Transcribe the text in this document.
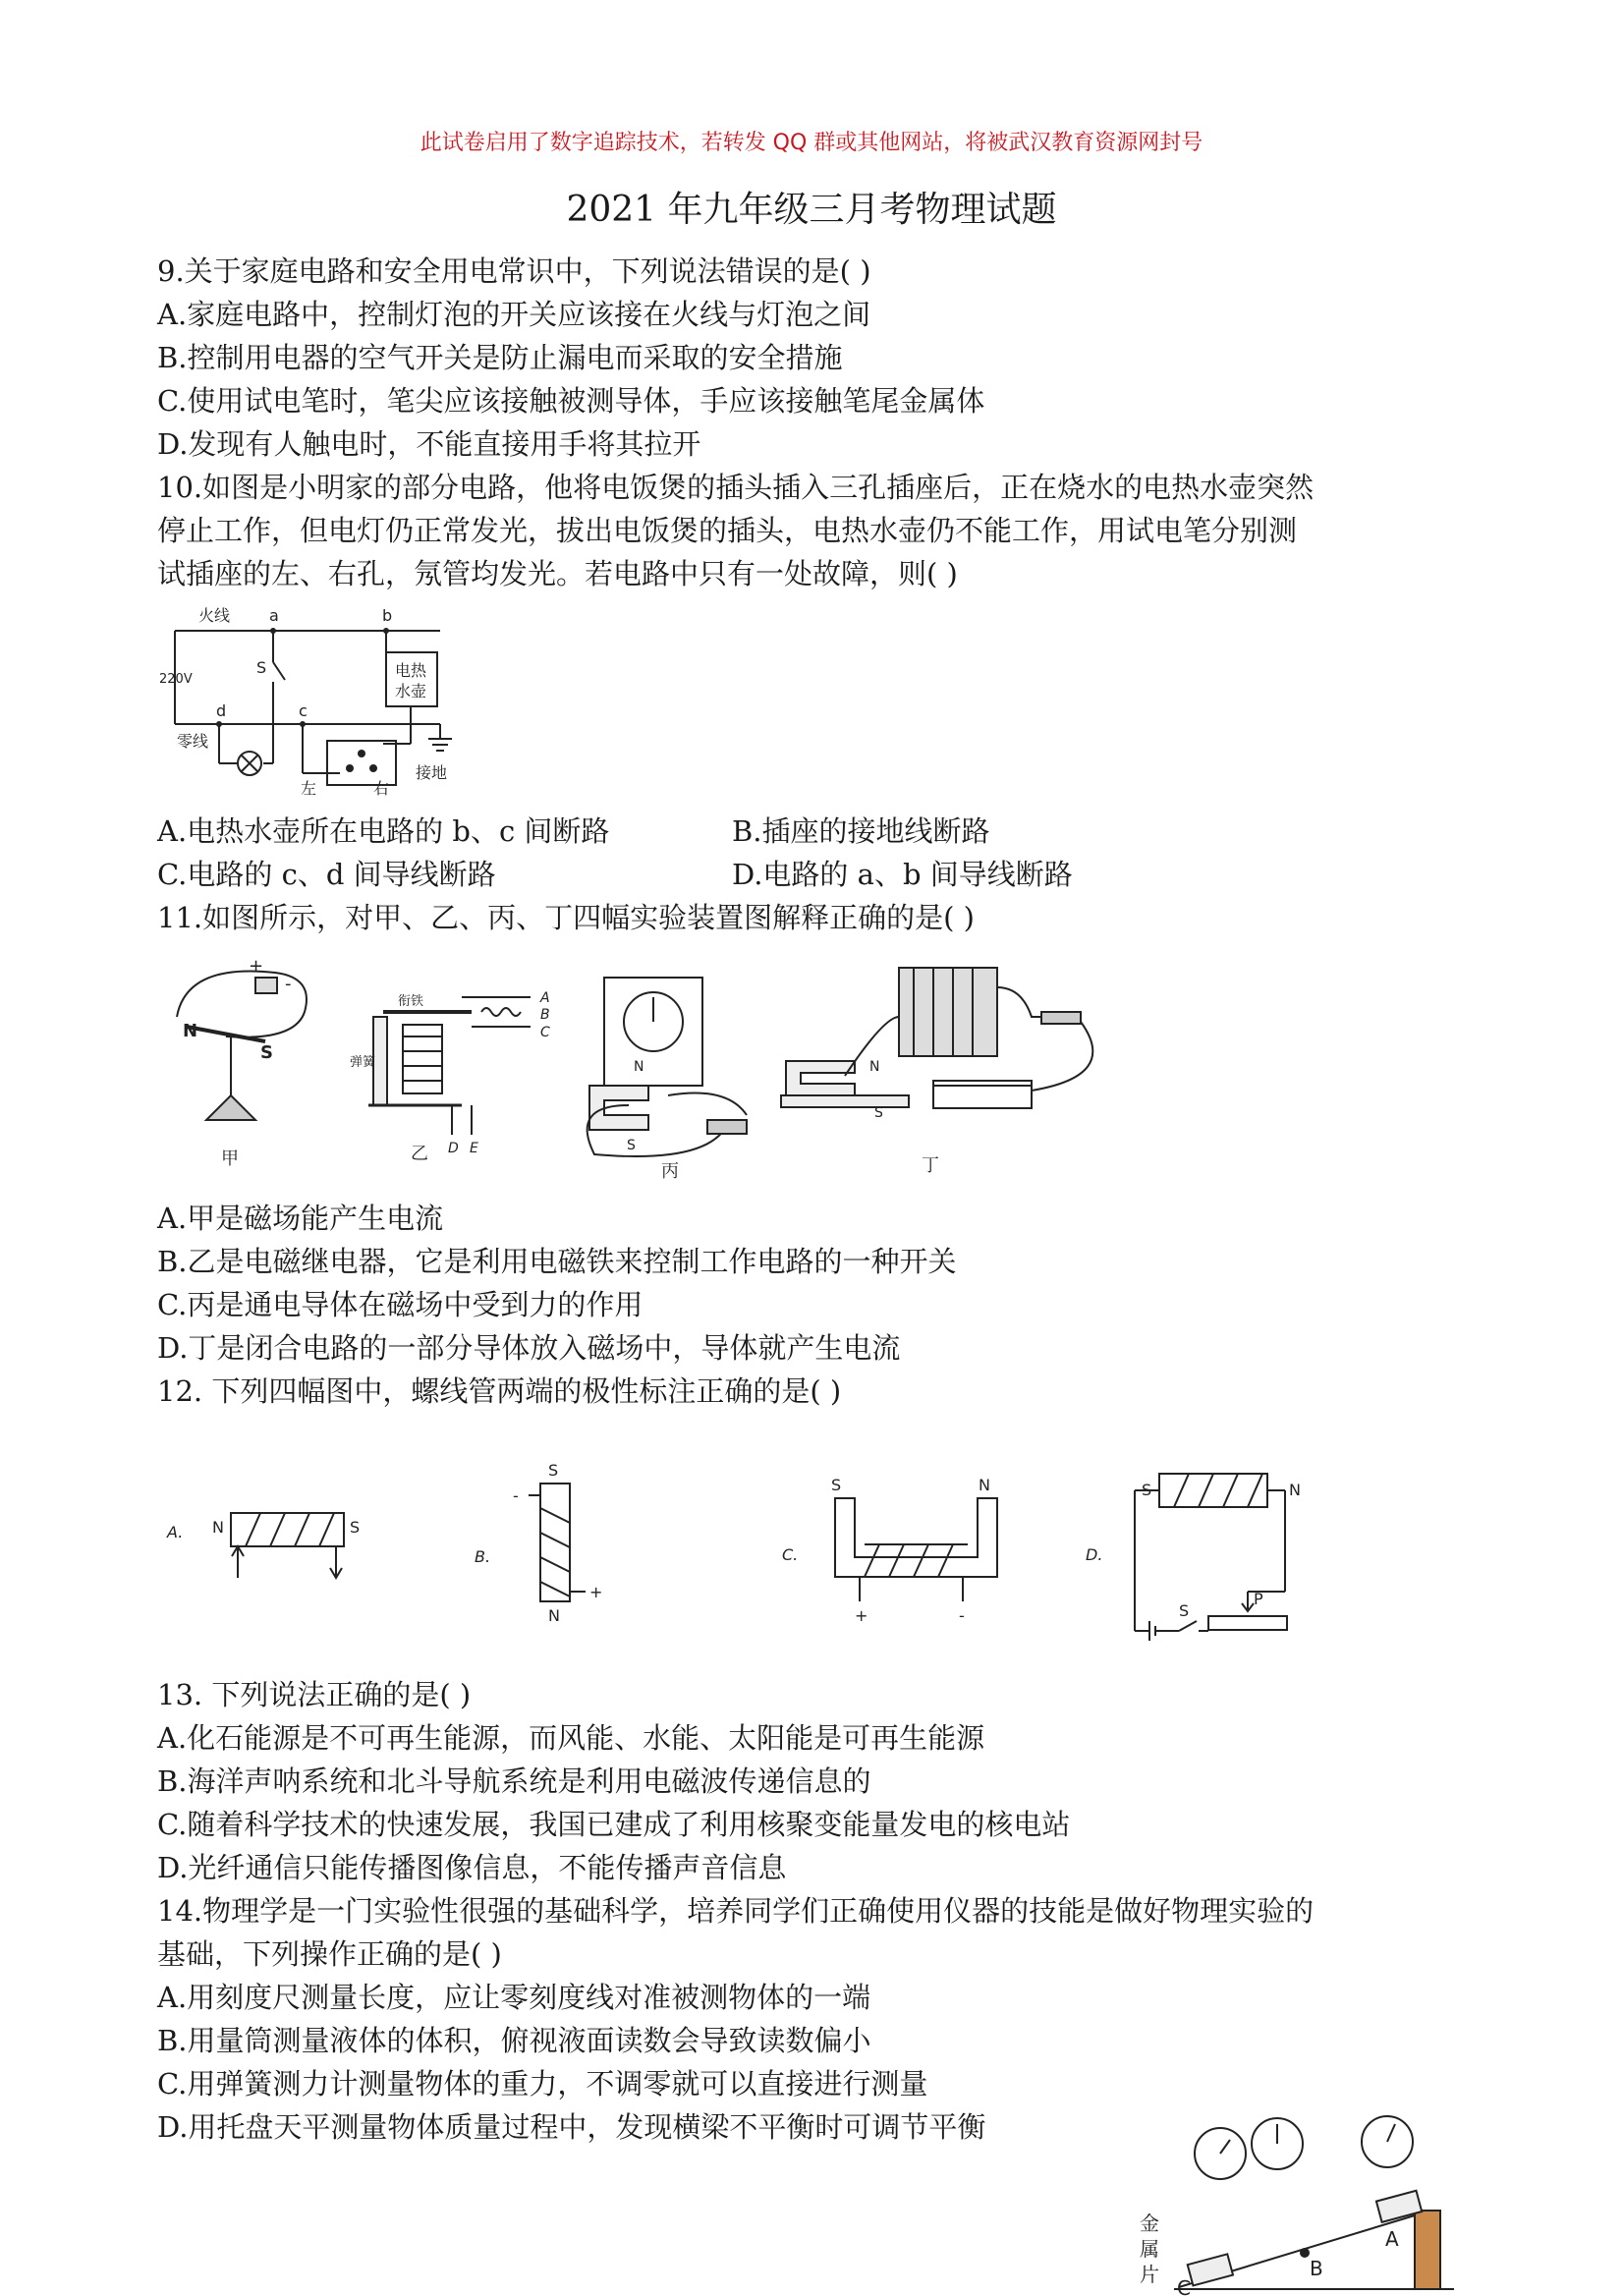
此试卷启用了数字追踪技术，若转发 QQ 群或其他网站，将被武汉教育资源网封号
2021 年九年级三月考物理试题
9.关于家庭电路和安全用电常识中，下列说法错误的是( )
A.家庭电路中，控制灯泡的开关应该接在火线与灯泡之间
B.控制用电器的空气开关是防止漏电而采取的安全措施
C.使用试电笔时，笔尖应该接触被测导体，手应该接触笔尾金属体
D.发现有人触电时，不能直接用手将其拉开
10.如图是小明家的部分电路，他将电饭煲的插头插入三孔插座后，正在烧水的电热水壶突然
停止工作，但电灯仍正常发光，拔出电饭煲的插头，电热水壶仍不能工作，用试电笔分别测
试插座的左、右孔，氖管均发光。若电路中只有一处故障，则( )
火线 a	b
220V
S
d	c
零线
电热
水壶
左	右
接地
A.电热水壶所在电路的 b、c 间断路	B.插座的接地线断路
C.电路的 c、d 间导线断路	D.电路的 a、b 间导线断路
11.如图所示，对甲、乙、丙、丁四幅实验装置图解释正确的是( )
N
S
+
-
甲
衔铁
弹簧
A
B
C
D E
乙
N
S
丙
N
S
丁
A.甲是磁场能产生电流
B.乙是电磁继电器，它是利用电磁铁来控制工作电路的一种开关
C.丙是通电导体在磁场中受到力的作用
D.丁是闭合电路的一部分导体放入磁场中，导体就产生电流
12. 下列四幅图中，螺线管两端的极性标注正确的是( )
A. N	S
B.
S
-
+
N
C.
S	N
+	-
D.
S	N
S
P
13. 下列说法正确的是( )
A.化石能源是不可再生能源，而风能、水能、太阳能是可再生能源
B.海洋声呐系统和北斗导航系统是利用电磁波传递信息的
C.随着科学技术的快速发展，我国已建成了利用核聚变能量发电的核电站
D.光纤通信只能传播图像信息，不能传播声音信息
14.物理学是一门实验性很强的基础科学，培养同学们正确使用仪器的技能是做好物理实验的
基础，下列操作正确的是( )
A.用刻度尺测量长度，应让零刻度线对准被测物体的一端
B.用量筒测量液体的体积，俯视液面读数会导致读数偏小
C.用弹簧测力计测量物体的重力，不调零就可以直接进行测量
D.用托盘天平测量物体质量过程中，发现横梁不平衡时可调节平衡
金
属
片	B
A
C
